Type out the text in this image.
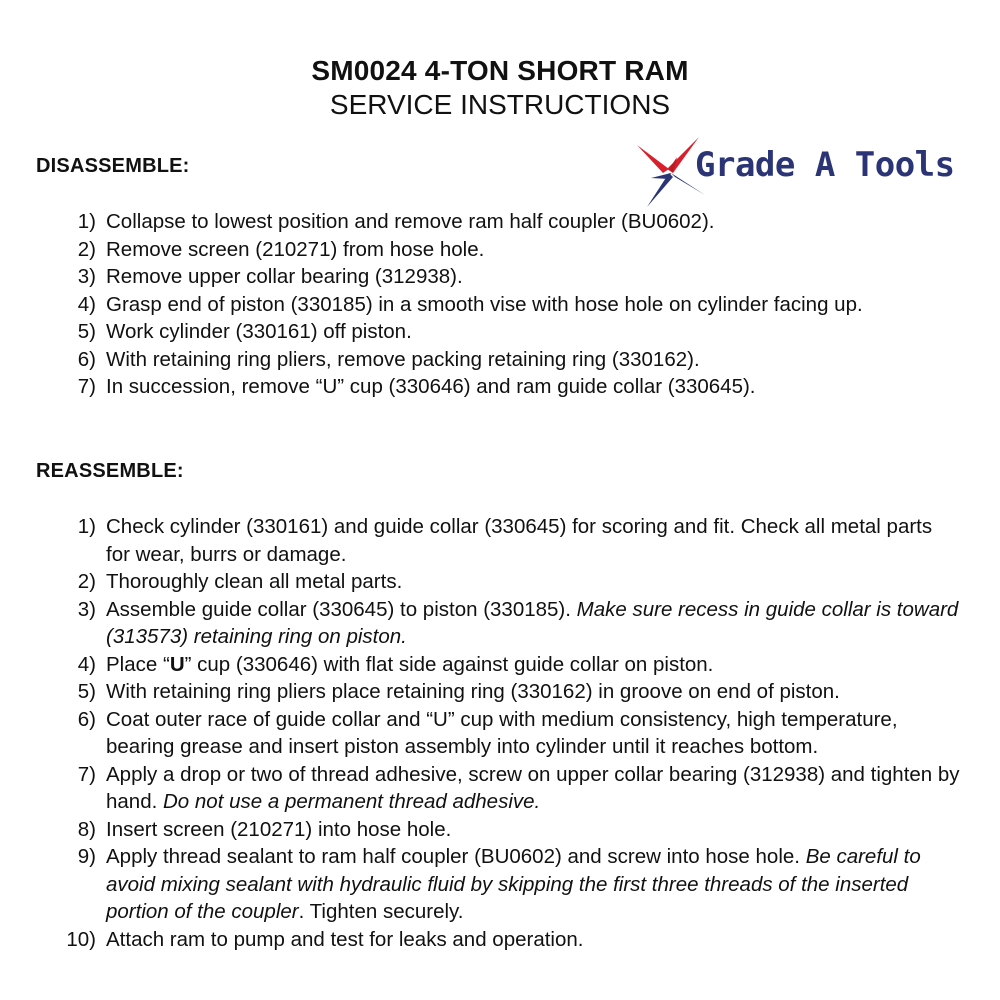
SM0024 4-TON SHORT RAM
SERVICE INSTRUCTIONS
Grade A Tools
DISASSEMBLE:
1) Collapse to lowest position and remove ram half coupler (BU0602).
2) Remove screen (210271) from hose hole.
3) Remove upper collar bearing (312938).
4) Grasp end of piston (330185) in a smooth vise with hose hole on cylinder facing up.
5) Work cylinder (330161) off piston.
6) With retaining ring pliers, remove packing retaining ring (330162).
7) In succession, remove “U” cup (330646) and ram guide collar (330645).
REASSEMBLE:
1) Check cylinder (330161) and guide collar (330645) for scoring and fit. Check all metal parts for wear, burrs or damage.
2) Thoroughly clean all metal parts.
3) Assemble guide collar (330645) to piston (330185). Make sure recess in guide collar is toward (313573) retaining ring on piston.
4) Place “U” cup (330646) with flat side against guide collar on piston.
5) With retaining ring pliers place retaining ring (330162) in groove on end of piston.
6) Coat outer race of guide collar and “U” cup with medium consistency, high temperature, bearing grease and insert piston assembly into cylinder until it reaches bottom.
7) Apply a drop or two of thread adhesive, screw on upper collar bearing (312938) and tighten by hand. Do not use a permanent thread adhesive.
8) Insert screen (210271) into hose hole.
9) Apply thread sealant to ram half coupler (BU0602) and screw into hose hole. Be careful to avoid mixing sealant with hydraulic fluid by skipping the first three threads of the inserted portion of the coupler. Tighten securely.
10) Attach ram to pump and test for leaks and operation.
